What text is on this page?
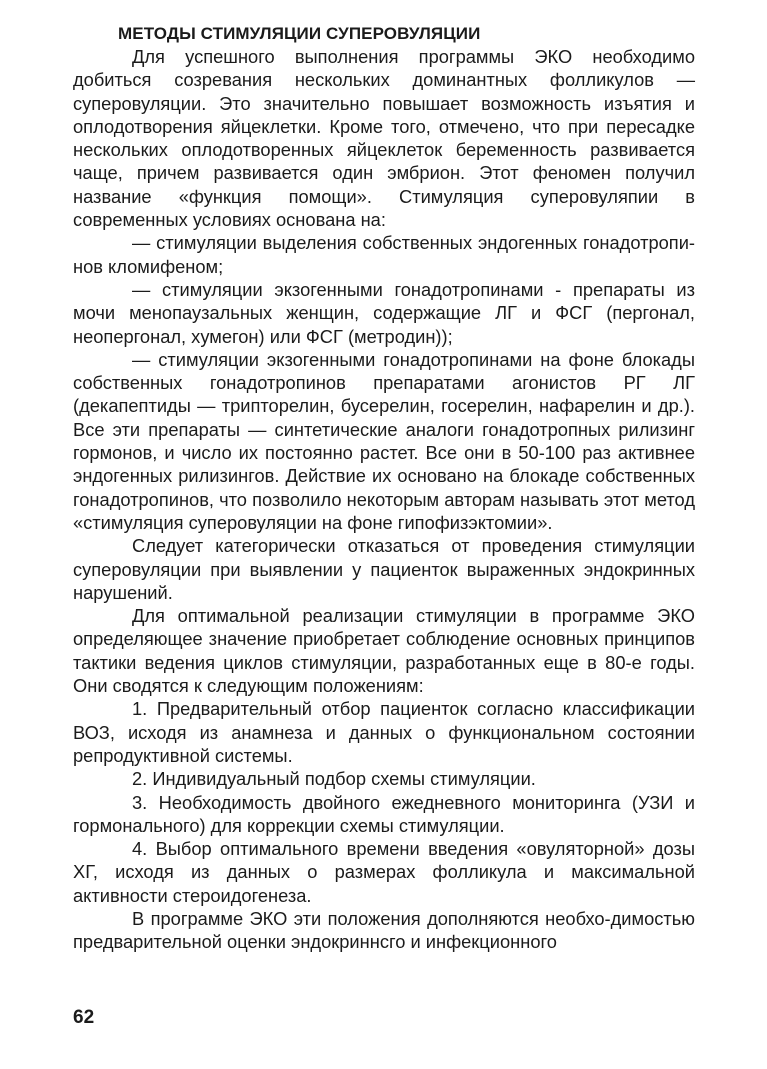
МЕТОДЫ СТИМУЛЯЦИИ СУПЕРОВУЛЯЦИИ

Для успешного выполнения программы ЭКО необходимо добиться созревания нескольких доминантных фолликулов — суперовуляции. Это значительно повышает возможность изъятия и оплодотворения яйцеклетки. Кроме того, отмечено, что при пересадке нескольких оплодотворенных яйцеклеток беременность развивается чаще, причем развивается один эмбрион. Этот феномен получил название «функция помощи». Стимуляция суперовуляпии в современных условиях основана на:

— стимуляции выделения собственных эндогенных гонадотропи-нов кломифеном;

— стимуляции экзогенными гонадотропинами - препараты из мочи менопаузальных женщин, содержащие ЛГ и ФСГ (пергонал, неопергонал, хумегон) или ФСГ (метродин));

— стимуляции экзогенными гонадотропинами на фоне блокады собственных гонадотропинов препаратами агонистов РГ ЛГ (декапептиды — трипторелин, бусерелин, госерелин, нафарелин и др.). Все эти препараты — синтетические аналоги гонадотропных рилизинг гормонов, и число их постоянно растет. Все они в 50-100 раз активнее эндогенных рилизингов. Действие их основано на блокаде собственных гонадотропинов, что позволило некоторым авторам называть этот метод «стимуляция суперовуляции на фоне гипофизэктомии».

Следует категорически отказаться от проведения стимуляции суперовуляции при выявлении у пациенток выраженных эндокринных нарушений.

Для оптимальной реализации стимуляции в программе ЭКО определяющее значение приобретает соблюдение основных принципов тактики ведения циклов стимуляции, разработанных еще в 80-е годы. Они сводятся к следующим положениям:

1. Предварительный отбор пациенток согласно классификации ВОЗ, исходя из анамнеза и данных о функциональном состоянии репродуктивной системы.

2. Индивидуальный подбор схемы стимуляции.

3. Необходимость двойного ежедневного мониторинга (УЗИ и гормонального) для коррекции схемы стимуляции.

4. Выбор оптимального времени введения «овуляторной» дозы ХГ, исходя из данных о размерах фолликула и максимальной активности стероидогенеза.

В программе ЭКО эти положения дополняются необхо-димостью предварительной оценки эндокриннсго и инфекционного

62
